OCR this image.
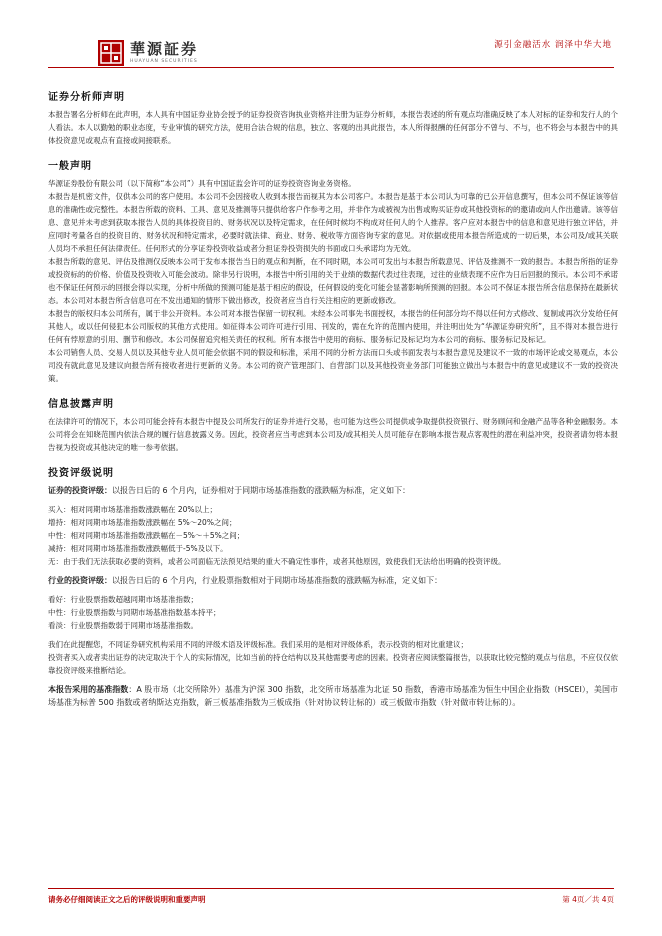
華源証券
HUAYUAN SECURITIES
源引金融活水 润泽中华大地
证券分析师声明

本报告署名分析师在此声明，本人具有中国证券业协会授予的证券投资咨询执业资格并注册为证券分析师，本报告表述的所有观点均准确反映了本人对标的证券和发行人的个人看法。本人以勤勉的职业态度，专业审慎的研究方法，使用合法合规的信息，独立、客观的出具此报告，本人所得报酬的任何部分不曾与、不与，也不将会与本报告中的具体投资意见或观点有直接或间接联系。

一般声明

华源证券股份有限公司（以下简称“本公司”）具有中国证监会许可的证券投资咨询业务资格。

本报告是机密文件，仅供本公司的客户使用。本公司不会因接收人收到本报告而视其为本公司客户。本报告是基于本公司认为可靠的已公开信息撰写，但本公司不保证该等信息的准确性或完整性。本报告所载的资料、工具、意见及推测等只提供给客户作参考之用，并非作为或被视为出售或购买证券或其他投资标的的邀请或向人作出邀请。该等信息、意见并未考虑到获取本报告人员的具体投资目的、财务状况以及特定需求，在任何时候均不构成对任何人的个人推荐。客户应对本报告中的信息和意见进行独立评估，并应同时考量各自的投资目的、财务状况和特定需求，必要时就法律、商业、财务、税收等方面咨询专家的意见。对依据或使用本报告所造成的一切后果，本公司及/或其关联人员均不承担任何法律责任。任何形式的分享证券投资收益或者分担证券投资损失的书面或口头承诺均为无效。

本报告所载的意见、评估及推测仅反映本公司于发布本报告当日的观点和判断，在不同时期，本公司可发出与本报告所载意见、评估及推测不一致的报告。本报告所指的证券或投资标的的价格、价值及投资收入可能会波动。除非另行说明，本报告中所引用的关于业绩的数据代表过往表现，过往的业绩表现不应作为日后回报的预示。本公司不承诺也不保证任何预示的回报会得以实现，分析中所做的预测可能是基于相应的假设，任何假设的变化可能会显著影响所预测的回报。本公司不保证本报告所含信息保持在最新状态。本公司对本报告所含信息可在不发出通知的情形下做出修改，投资者应当自行关注相应的更新或修改。

本报告的版权归本公司所有，属于非公开资料。本公司对本报告保留一切权利。未经本公司事先书面授权，本报告的任何部分均不得以任何方式修改、复制或再次分发给任何其他人，或以任何侵犯本公司版权的其他方式使用。如征得本公司许可进行引用、刊发的，需在允许的范围内使用，并注明出处为“华源证券研究所”，且不得对本报告进行任何有悖原意的引用、删节和修改。本公司保留追究相关责任的权利。所有本报告中使用的商标、服务标记及标记均为本公司的商标、服务标记及标记。

本公司销售人员、交易人员以及其他专业人员可能会依据不同的假设和标准，采用不同的分析方法而口头或书面发表与本报告意见及建议不一致的市场评论或交易观点，本公司没有就此意见及建议向报告所有接收者进行更新的义务。本公司的资产管理部门、自营部门以及其他投资业务部门可能独立做出与本报告中的意见或建议不一致的投资决策。

信息披露声明

在法律许可的情况下，本公司可能会持有本报告中提及公司所发行的证券并进行交易，也可能为这些公司提供或争取提供投资银行、财务顾问和金融产品等各种金融服务。本公司将会在知晓范围内依法合规的履行信息披露义务。因此，投资者应当考虑到本公司及/或其相关人员可能存在影响本报告观点客观性的潜在利益冲突，投资者请勿将本报告视为投资或其他决定的唯一参考依据。

投资评级说明

证券的投资评级：以报告日后的 6 个月内，证券相对于同期市场基准指数的涨跌幅为标准，定义如下：

买入：相对同期市场基准指数涨跌幅在 20%以上；

增持：相对同期市场基准指数涨跌幅在 5%～20%之间；

中性：相对同期市场基准指数涨跌幅在－5%～＋5%之间；

减持：相对同期市场基准指数涨跌幅低于-5%及以下。

无：由于我们无法获取必要的资料，或者公司面临无法预见结果的重大不确定性事件，或者其他原因，致使我们无法给出明确的投资评级。

行业的投资评级：以报告日后的 6 个月内，行业股票指数相对于同期市场基准指数的涨跌幅为标准，定义如下：

看好：行业股票指数超越同期市场基准指数；

中性：行业股票指数与同期市场基准指数基本持平；

看淡：行业股票指数弱于同期市场基准指数。

我们在此提醒您，不同证券研究机构采用不同的评级术语及评级标准。我们采用的是相对评级体系，表示投资的相对比重建议；

投资者买入或者卖出证券的决定取决于个人的实际情况，比如当前的持仓结构以及其他需要考虑的因素。投资者应阅读整篇报告，以获取比较完整的观点与信息，不应仅仅依靠投资评级来推断结论。

本报告采用的基准指数：A 股市场（北交所除外）基准为沪深 300 指数，北交所市场基准为北证 50 指数，香港市场基准为恒生中国企业指数（HSCEI），美国市场基准为标普 500 指数或者纳斯达克指数，新三板基准指数为三板成指（针对协议转让标的）或三板做市指数（针对做市转让标的）。

请务必仔细阅读正文之后的评级说明和重要声明	第 4页／共 4页
